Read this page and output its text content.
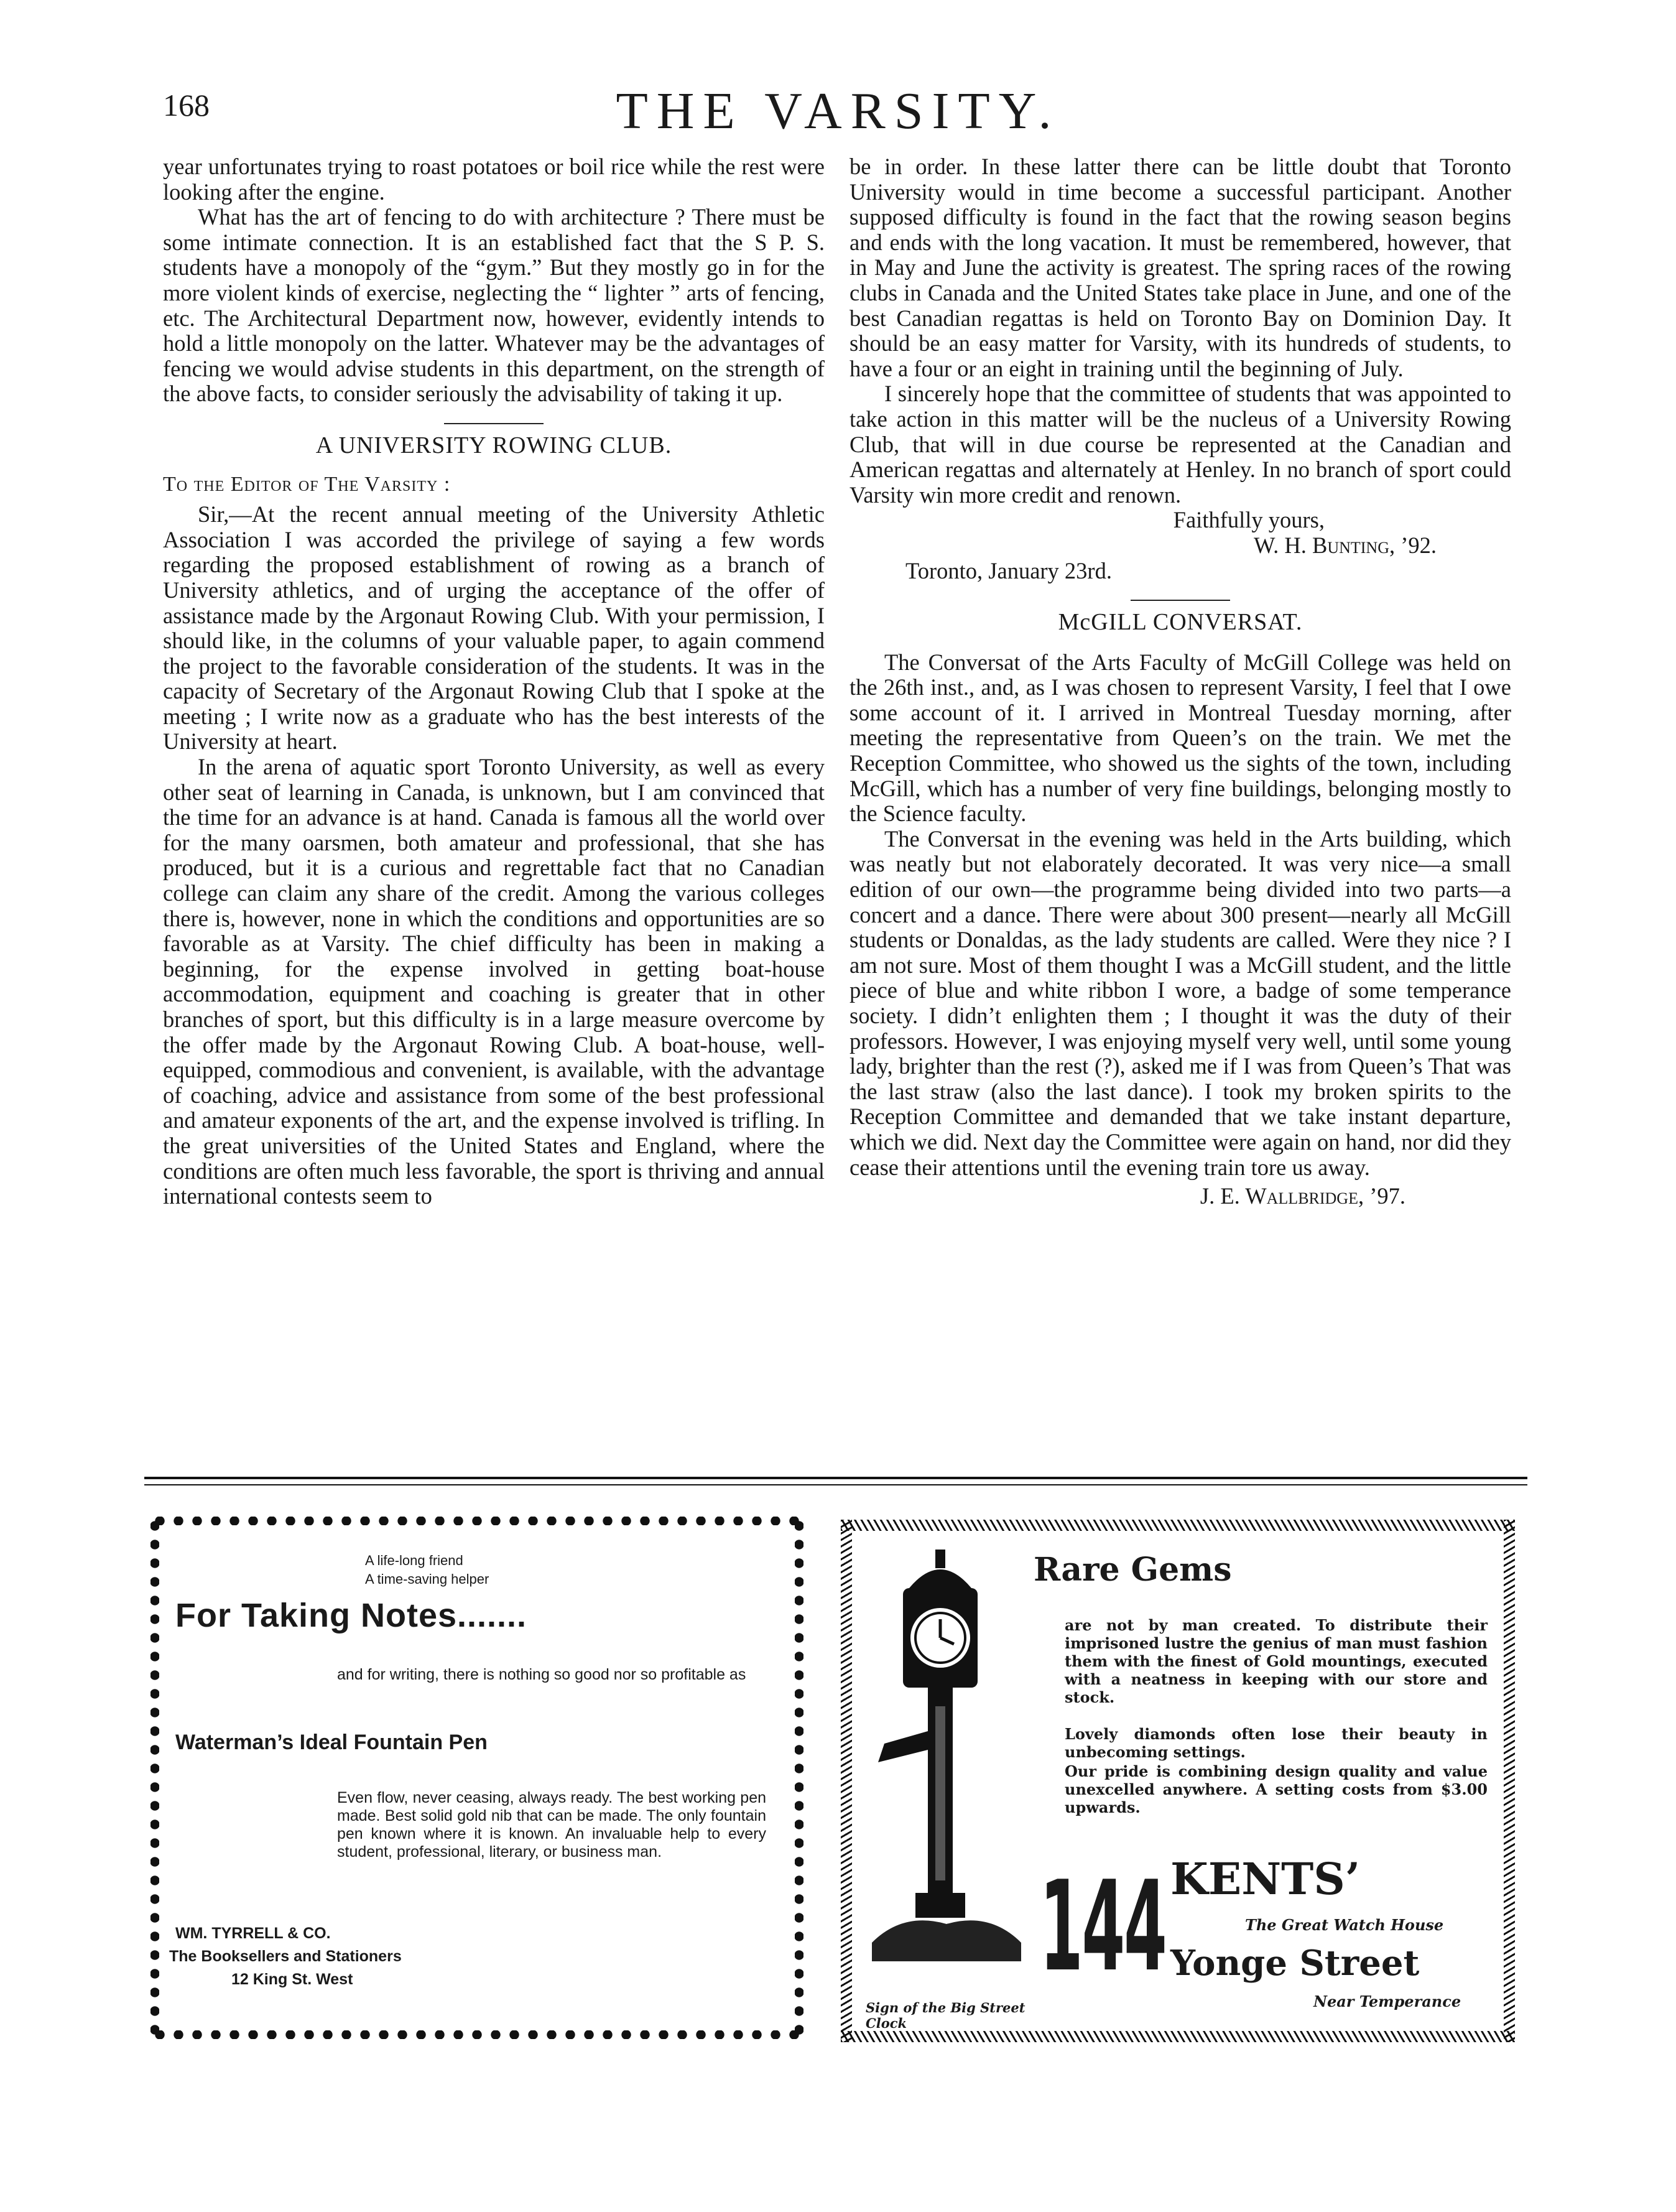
168	THE VARSITY.

year unfortunates trying to roast potatoes or boil rice while the rest were looking after the engine.

What has the art of fencing to do with architecture ? There must be some intimate connection. It is an established fact that the S P. S. students have a monopoly of the “gym.” But they mostly go in for the more violent kinds of exercise, neglecting the “ lighter ” arts of fencing, etc. The Architectural Department now, however, evidently intends to hold a little monopoly on the latter. Whatever may be the advantages of fencing we would advise students in this department, on the strength of the above facts, to consider seriously the advisability of taking it up.

A UNIVERSITY ROWING CLUB.
To the Editor of The Varsity :

Sir,—At the recent annual meeting of the University Athletic Association I was accorded the privilege of saying a few words regarding the proposed establishment of rowing as a branch of University athletics, and of urging the acceptance of the offer of assistance made by the Argonaut Rowing Club. With your permission, I should like, in the columns of your valuable paper, to again commend the project to the favorable consideration of the students. It was in the capacity of Secretary of the Argonaut Rowing Club that I spoke at the meeting ; I write now as a graduate who has the best interests of the University at heart.

In the arena of aquatic sport Toronto University, as well as every other seat of learning in Canada, is unknown, but I am convinced that the time for an advance is at hand. Canada is famous all the world over for the many oarsmen, both amateur and professional, that she has produced, but it is a curious and regrettable fact that no Canadian college can claim any share of the credit. Among the various colleges there is, however, none in which the conditions and opportunities are so favorable as at Varsity. The chief difficulty has been in making a beginning, for the expense involved in getting boat-house accommodation, equipment and coaching is greater that in other branches of sport, but this difficulty is in a large measure overcome by the offer made by the Argonaut Rowing Club. A boat-house, well-equipped, commodious and convenient, is available, with the advantage of coaching, advice and assistance from some of the best professional and amateur exponents of the art, and the expense involved is trifling. In the great universities of the United States and England, where the conditions are often much less favorable, the sport is thriving and annual international contests seem to

be in order. In these latter there can be little doubt that Toronto University would in time become a successful participant. Another supposed difficulty is found in the fact that the rowing season begins and ends with the long vacation. It must be remembered, however, that in May and June the activity is greatest. The spring races of the rowing clubs in Canada and the United States take place in June, and one of the best Canadian regattas is held on Toronto Bay on Dominion Day. It should be an easy matter for Varsity, with its hundreds of students, to have a four or an eight in training until the beginning of July.

I sincerely hope that the committee of students that was appointed to take action in this matter will be the nucleus of a University Rowing Club, that will in due course be represented at the Canadian and American regattas and alternately at Henley. In no branch of sport could Varsity win more credit and renown.

Faithfully yours,
W. H. Bunting, ’92.
Toronto, January 23rd.
McGILL CONVERSAT.

The Conversat of the Arts Faculty of McGill College was held on the 26th inst., and, as I was chosen to represent Varsity, I feel that I owe some account of it. I arrived in Montreal Tuesday morning, after meeting the representative from Queen’s on the train. We met the Reception Committee, who showed us the sights of the town, including McGill, which has a number of very fine buildings, belonging mostly to the Science faculty.

The Conversat in the evening was held in the Arts building, which was neatly but not elaborately decorated. It was very nice—a small edition of our own—the programme being divided into two parts—a concert and a dance. There were about 300 present—nearly all McGill students or Donaldas, as the lady students are called. Were they nice ? I am not sure. Most of them thought I was a McGill student, and the little piece of blue and white ribbon I wore, a badge of some temperance society. I didn’t enlighten them ; I thought it was the duty of their professors. However, I was enjoying myself very well, until some young lady, brighter than the rest (?), asked me if I was from Queen’s That was the last straw (also the last dance). I took my broken spirits to the Reception Committee and demanded that we take instant departure, which we did. Next day the Committee were again on hand, nor did they cease their attentions until the evening train tore us away.

J. E. Wallbridge, ’97.
A life-long friend
A time-saving helper
For Taking Notes.......
and for writing, there is nothing so good nor so profitable as
Waterman’s Ideal Fountain Pen
Even flow, never ceasing, always ready. The best working pen made. Best solid gold nib that can be made. The only fountain pen known where it is known. An invaluable help to every student, professional, literary, or business man.
WM. TYRRELL & CO.
The Booksellers and Stationers
12 King St. West
Sign of the Big Street Clock
Rare Gems
are not by man created. To distribute their imprisoned lustre the genius of man must fashion them with the finest of Gold mountings, executed with a neatness in keeping with our store and stock.
Lovely diamonds often lose their beauty in unbecoming settings.
Our pride is combining design quality and value unexcelled anywhere. A setting costs from $3.00 upwards.
144 KENTS’
The Great Watch House
Yonge Street
Near Temperance
